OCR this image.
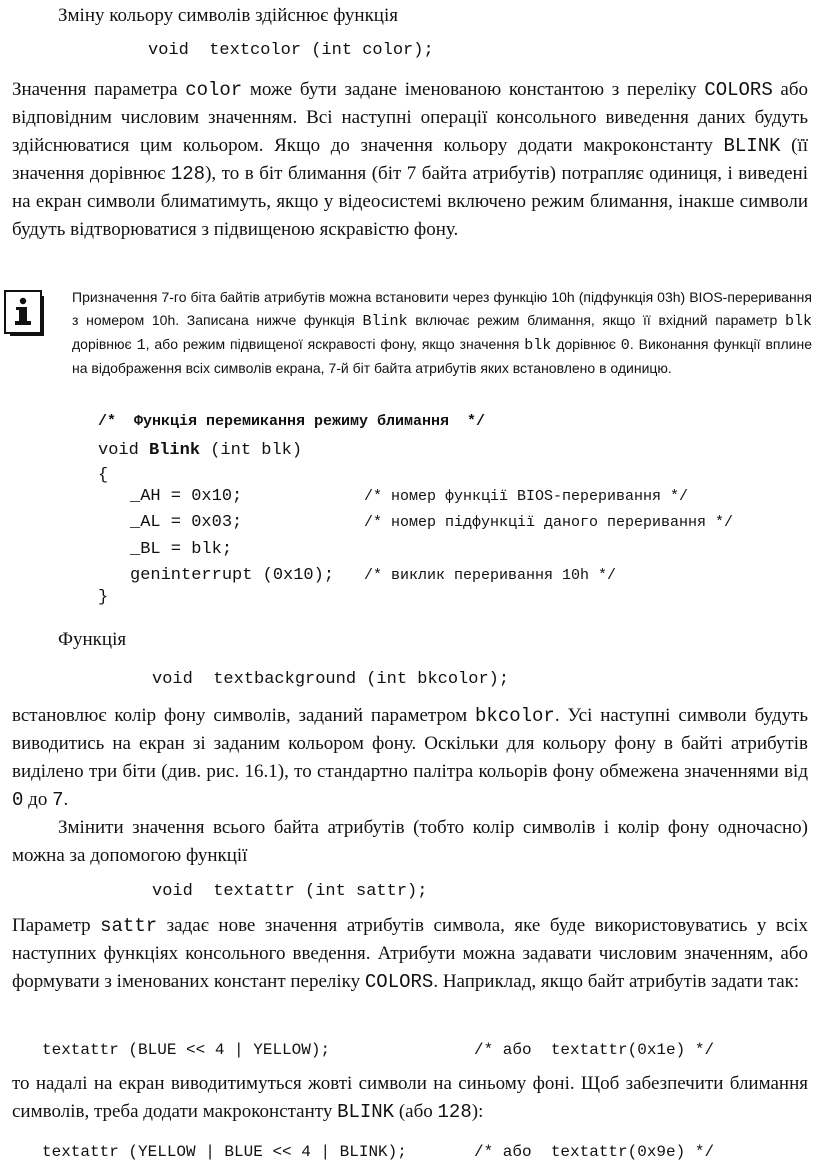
Зміну кольору символів здійснює функція

void  textcolor (int color);

Значення параметра color може бути задане іменованою константою з переліку COLORS або відповідним числовим значенням. Всі наступні операції консольного виведення даних будуть здійснюватися цим кольором. Якщо до значення кольору додати макроконстанту BLINK (її значення дорівнює 128), то в біт блимання (біт 7 байта атрибутів) потрапляє одиниця, і виведені на екран символи блиматимуть, якщо у відеосистемі включено режим блимання, інакше символи будуть відтворюватися з підвищеною яскравістю фону.

Призначення 7-го біта байтів атрибутів можна встановити через функцію 10h (підфункція 03h) BIOS-переривання з номером 10h. Записана нижче функція Blink включає режим блимання, якщо її вхідний параметр blk дорівнює 1, або режим підвищеної яскравості фону, якщо значення blk дорівнює 0. Виконання функції вплине на відображення всіх символів екрана, 7-й біт байта атрибутів яких встановлено в одиницю.
/*  Функція перемикання режиму блимання  */
void Blink (int blk)
{
_AH = 0x10;	/* номер функції BIOS-переривання */
_AL = 0x03;	/* номер підфункції даного переривання */
_BL = blk;
geninterrupt (0x10); /* виклик переривання 10h */
}

Функція

void  textbackground (int bkcolor);

встановлює колір фону символів, заданий параметром bkcolor. Усі наступні символи будуть виводитись на екран зі заданим кольором фону. Оскільки для кольору фону в байті атрибутів виділено три біти (див. рис. 16.1), то стандартно палітра кольорів фону обмежена значеннями від 0 до 7.

Змінити значення всього байта атрибутів (тобто колір символів і колір фону одночасно) можна за допомогою функції

void  textattr (int sattr);

Параметр sattr задає нове значення атрибутів символа, яке буде використовуватись у всіх наступних функціях консольного введення. Атрибути можна задавати числовим значенням, або формувати з іменованих констант переліку COLORS. Наприклад, якщо байт атрибутів задати так:

textattr (BLUE << 4 | YELLOW);	/* або  textattr(0x1e) */

то надалі на екран виводитимуться жовті символи на синьому фоні. Щоб забезпечити блимання символів, треба додати макроконстанту BLINK (або 128):

textattr (YELLOW | BLUE << 4 | BLINK);	/* або  textattr(0x9e) */
